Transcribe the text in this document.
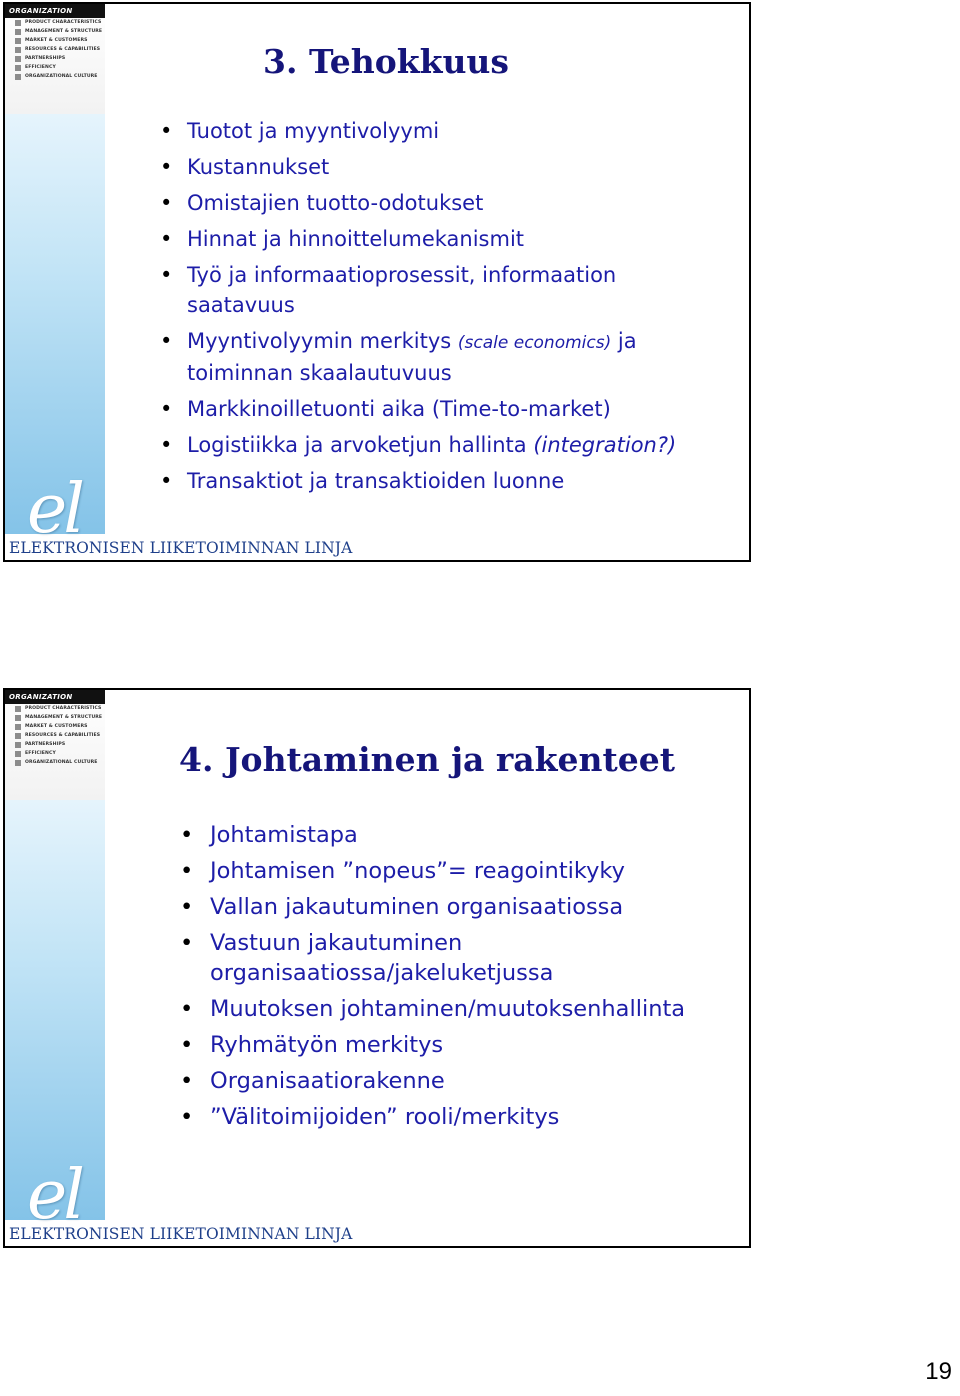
ORGANIZATION
PRODUCT CHARACTERISTICS
MANAGEMENT & STRUCTURE
MARKET & CUSTOMERS
RESOURCES & CAPABILITIES
PARTNERSHIPS
EFFICIENCY
ORGANIZATIONAL CULTURE	3. Tehokkuus
• Tuotot ja myyntivolyymi
• Kustannukset
• Omistajien tuotto-odotukset
• Hinnat ja hinnoittelumekanismit
• Työ ja informaatioprosessit, informaation saatavuus
• Myyntivolyymin merkitys (scale economics) ja toiminnan skaalautuvuus
• Markkinoilletuonti aika (Time-to-market)
• Logistiikka ja arvoketjun hallinta (integration?)
• Transaktiot ja transaktioiden luonne
el
ELEKTRONISEN LIIKETOIMINNAN LINJA
ORGANIZATION
PRODUCT CHARACTERISTICS
MANAGEMENT & STRUCTURE
MARKET & CUSTOMERS
RESOURCES & CAPABILITIES
PARTNERSHIPS
EFFICIENCY
ORGANIZATIONAL CULTURE 4. Johtaminen ja rakenteet
• Johtamistapa
• Johtamisen ”nopeus”= reagointikyky
• Vallan jakautuminen organisaatiossa
• Vastuun jakautuminen organisaatiossa/jakeluketjussa
• Muutoksen johtaminen/muutoksenhallinta
• Ryhmätyön merkitys
• Organisaatiorakenne
• ”Välitoimijoiden” rooli/merkitys
el
ELEKTRONISEN LIIKETOIMINNAN LINJA
19
